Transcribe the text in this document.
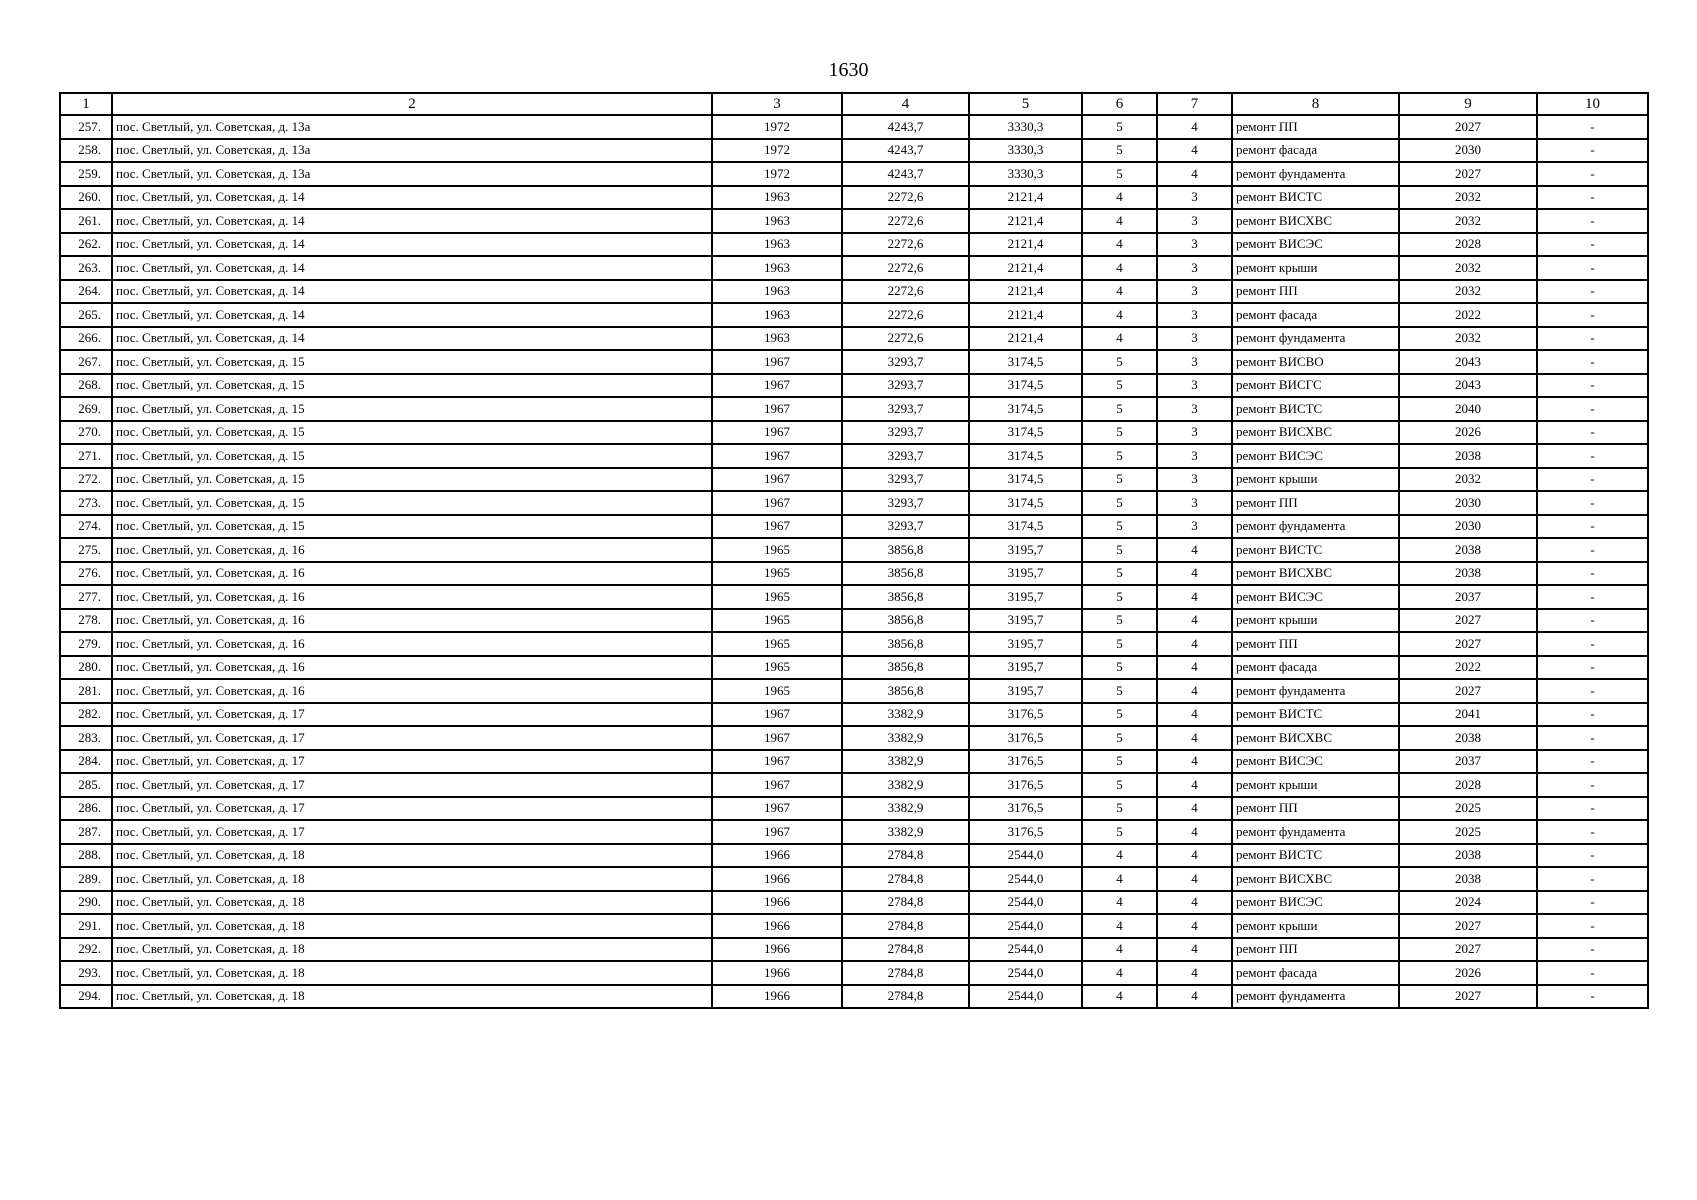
1630
1	2	3	4	5	6	7	8	9	10
257.	пос. Светлый, ул. Советская, д. 13а	1972	4243,7	3330,3	5	4	ремонт ПП	2027	-
258.	пос. Светлый, ул. Советская, д. 13а	1972	4243,7	3330,3	5	4	ремонт фасада	2030	-
259.	пос. Светлый, ул. Советская, д. 13а	1972	4243,7	3330,3	5	4	ремонт фундамента	2027	-
260.	пос. Светлый, ул. Советская, д. 14	1963	2272,6	2121,4	4	3	ремонт ВИСТС	2032	-
261.	пос. Светлый, ул. Советская, д. 14	1963	2272,6	2121,4	4	3	ремонт ВИСХВС	2032	-
262.	пос. Светлый, ул. Советская, д. 14	1963	2272,6	2121,4	4	3	ремонт ВИСЭС	2028	-
263.	пос. Светлый, ул. Советская, д. 14	1963	2272,6	2121,4	4	3	ремонт крыши	2032	-
264.	пос. Светлый, ул. Советская, д. 14	1963	2272,6	2121,4	4	3	ремонт ПП	2032	-
265.	пос. Светлый, ул. Советская, д. 14	1963	2272,6	2121,4	4	3	ремонт фасада	2022	-
266.	пос. Светлый, ул. Советская, д. 14	1963	2272,6	2121,4	4	3	ремонт фундамента	2032	-
267.	пос. Светлый, ул. Советская, д. 15	1967	3293,7	3174,5	5	3	ремонт ВИСВО	2043	-
268.	пос. Светлый, ул. Советская, д. 15	1967	3293,7	3174,5	5	3	ремонт ВИСГС	2043	-
269.	пос. Светлый, ул. Советская, д. 15	1967	3293,7	3174,5	5	3	ремонт ВИСТС	2040	-
270.	пос. Светлый, ул. Советская, д. 15	1967	3293,7	3174,5	5	3	ремонт ВИСХВС	2026	-
271.	пос. Светлый, ул. Советская, д. 15	1967	3293,7	3174,5	5	3	ремонт ВИСЭС	2038	-
272.	пос. Светлый, ул. Советская, д. 15	1967	3293,7	3174,5	5	3	ремонт крыши	2032	-
273.	пос. Светлый, ул. Советская, д. 15	1967	3293,7	3174,5	5	3	ремонт ПП	2030	-
274.	пос. Светлый, ул. Советская, д. 15	1967	3293,7	3174,5	5	3	ремонт фундамента	2030	-
275.	пос. Светлый, ул. Советская, д. 16	1965	3856,8	3195,7	5	4	ремонт ВИСТС	2038	-
276.	пос. Светлый, ул. Советская, д. 16	1965	3856,8	3195,7	5	4	ремонт ВИСХВС	2038	-
277.	пос. Светлый, ул. Советская, д. 16	1965	3856,8	3195,7	5	4	ремонт ВИСЭС	2037	-
278.	пос. Светлый, ул. Советская, д. 16	1965	3856,8	3195,7	5	4	ремонт крыши	2027	-
279.	пос. Светлый, ул. Советская, д. 16	1965	3856,8	3195,7	5	4	ремонт ПП	2027	-
280.	пос. Светлый, ул. Советская, д. 16	1965	3856,8	3195,7	5	4	ремонт фасада	2022	-
281.	пос. Светлый, ул. Советская, д. 16	1965	3856,8	3195,7	5	4	ремонт фундамента	2027	-
282.	пос. Светлый, ул. Советская, д. 17	1967	3382,9	3176,5	5	4	ремонт ВИСТС	2041	-
283.	пос. Светлый, ул. Советская, д. 17	1967	3382,9	3176,5	5	4	ремонт ВИСХВС	2038	-
284.	пос. Светлый, ул. Советская, д. 17	1967	3382,9	3176,5	5	4	ремонт ВИСЭС	2037	-
285.	пос. Светлый, ул. Советская, д. 17	1967	3382,9	3176,5	5	4	ремонт крыши	2028	-
286.	пос. Светлый, ул. Советская, д. 17	1967	3382,9	3176,5	5	4	ремонт ПП	2025	-
287.	пос. Светлый, ул. Советская, д. 17	1967	3382,9	3176,5	5	4	ремонт фундамента	2025	-
288.	пос. Светлый, ул. Советская, д. 18	1966	2784,8	2544,0	4	4	ремонт ВИСТС	2038	-
289.	пос. Светлый, ул. Советская, д. 18	1966	2784,8	2544,0	4	4	ремонт ВИСХВС	2038	-
290.	пос. Светлый, ул. Советская, д. 18	1966	2784,8	2544,0	4	4	ремонт ВИСЭС	2024	-
291.	пос. Светлый, ул. Советская, д. 18	1966	2784,8	2544,0	4	4	ремонт крыши	2027	-
292.	пос. Светлый, ул. Советская, д. 18	1966	2784,8	2544,0	4	4	ремонт ПП	2027	-
293.	пос. Светлый, ул. Советская, д. 18	1966	2784,8	2544,0	4	4	ремонт фасада	2026	-
294.	пос. Светлый, ул. Советская, д. 18	1966	2784,8	2544,0	4	4	ремонт фундамента	2027	-
